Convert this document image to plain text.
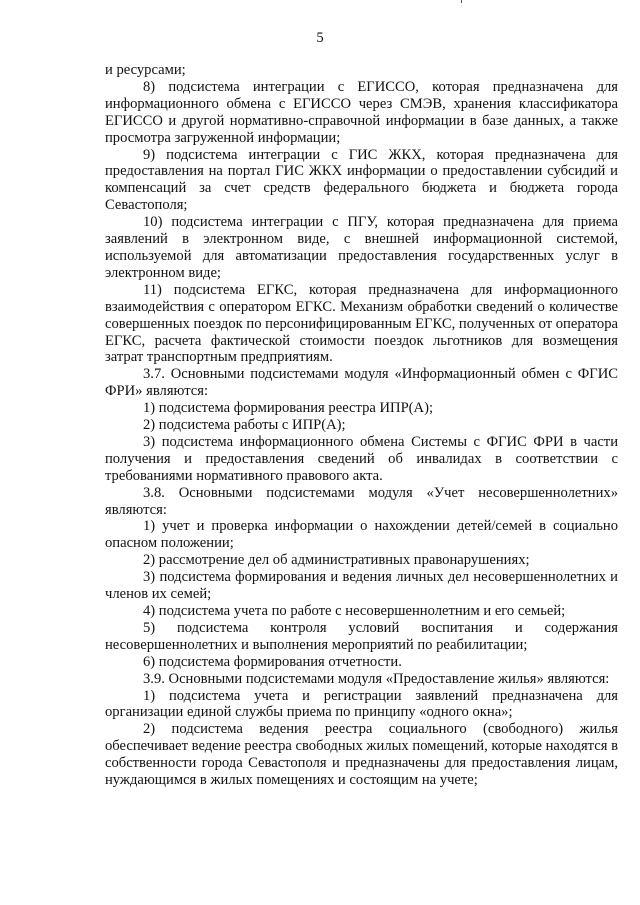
5

и ресурсами;

8) подсистема интеграции с ЕГИССО, которая предназначена для информационного обмена с ЕГИССО через СМЭВ, хранения классификатора ЕГИССО и другой нормативно-справочной информации в базе данных, а также просмотра загруженной информации;

9) подсистема интеграции с ГИС ЖКХ, которая предназначена для предоставления на портал ГИС ЖКХ информации о предоставлении субсидий и компенсаций за счет средств федерального бюджета и бюджета города Севастополя;

10) подсистема интеграции с ПГУ, которая предназначена для приема заявлений в электронном виде, с внешней информационной системой, используемой для автоматизации предоставления государственных услуг в электронном виде;

11) подсистема ЕГКС, которая предназначена для информационного взаимодействия с оператором ЕГКС. Механизм обработки сведений о количестве совершенных поездок по персонифицированным ЕГКС, полученных от оператора ЕГКС, расчета фактической стоимости поездок льготников для возмещения затрат транспортным предприятиям.

3.7. Основными подсистемами модуля «Информационный обмен с ФГИС ФРИ» являются:

1) подсистема формирования реестра ИПР(А);

2) подсистема работы с ИПР(А);

3) подсистема информационного обмена Системы с ФГИС ФРИ в части получения и предоставления сведений об инвалидах в соответствии с требованиями нормативного правового акта.

3.8. Основными подсистемами модуля «Учет несовершеннолетних» являются:

1) учет и проверка информации о нахождении детей/семей в социально опасном положении;

2) рассмотрение дел об административных правонарушениях;

3) подсистема формирования и ведения личных дел несовершеннолетних и членов их семей;

4) подсистема учета по работе с несовершеннолетним и его семьей;

5) подсистема контроля условий воспитания и содержания несовершеннолетних и выполнения мероприятий по реабилитации;

6) подсистема формирования отчетности.

3.9. Основными подсистемами модуля «Предоставление жилья» являются:

1) подсистема учета и регистрации заявлений предназначена для организации единой службы приема по принципу «одного окна»;

2) подсистема ведения реестра социального (свободного) жилья обеспечивает ведение реестра свободных жилых помещений, которые находятся в собственности города Севастополя и предназначены для предоставления лицам, нуждающимся в жилых помещениях и состоящим на учете;
